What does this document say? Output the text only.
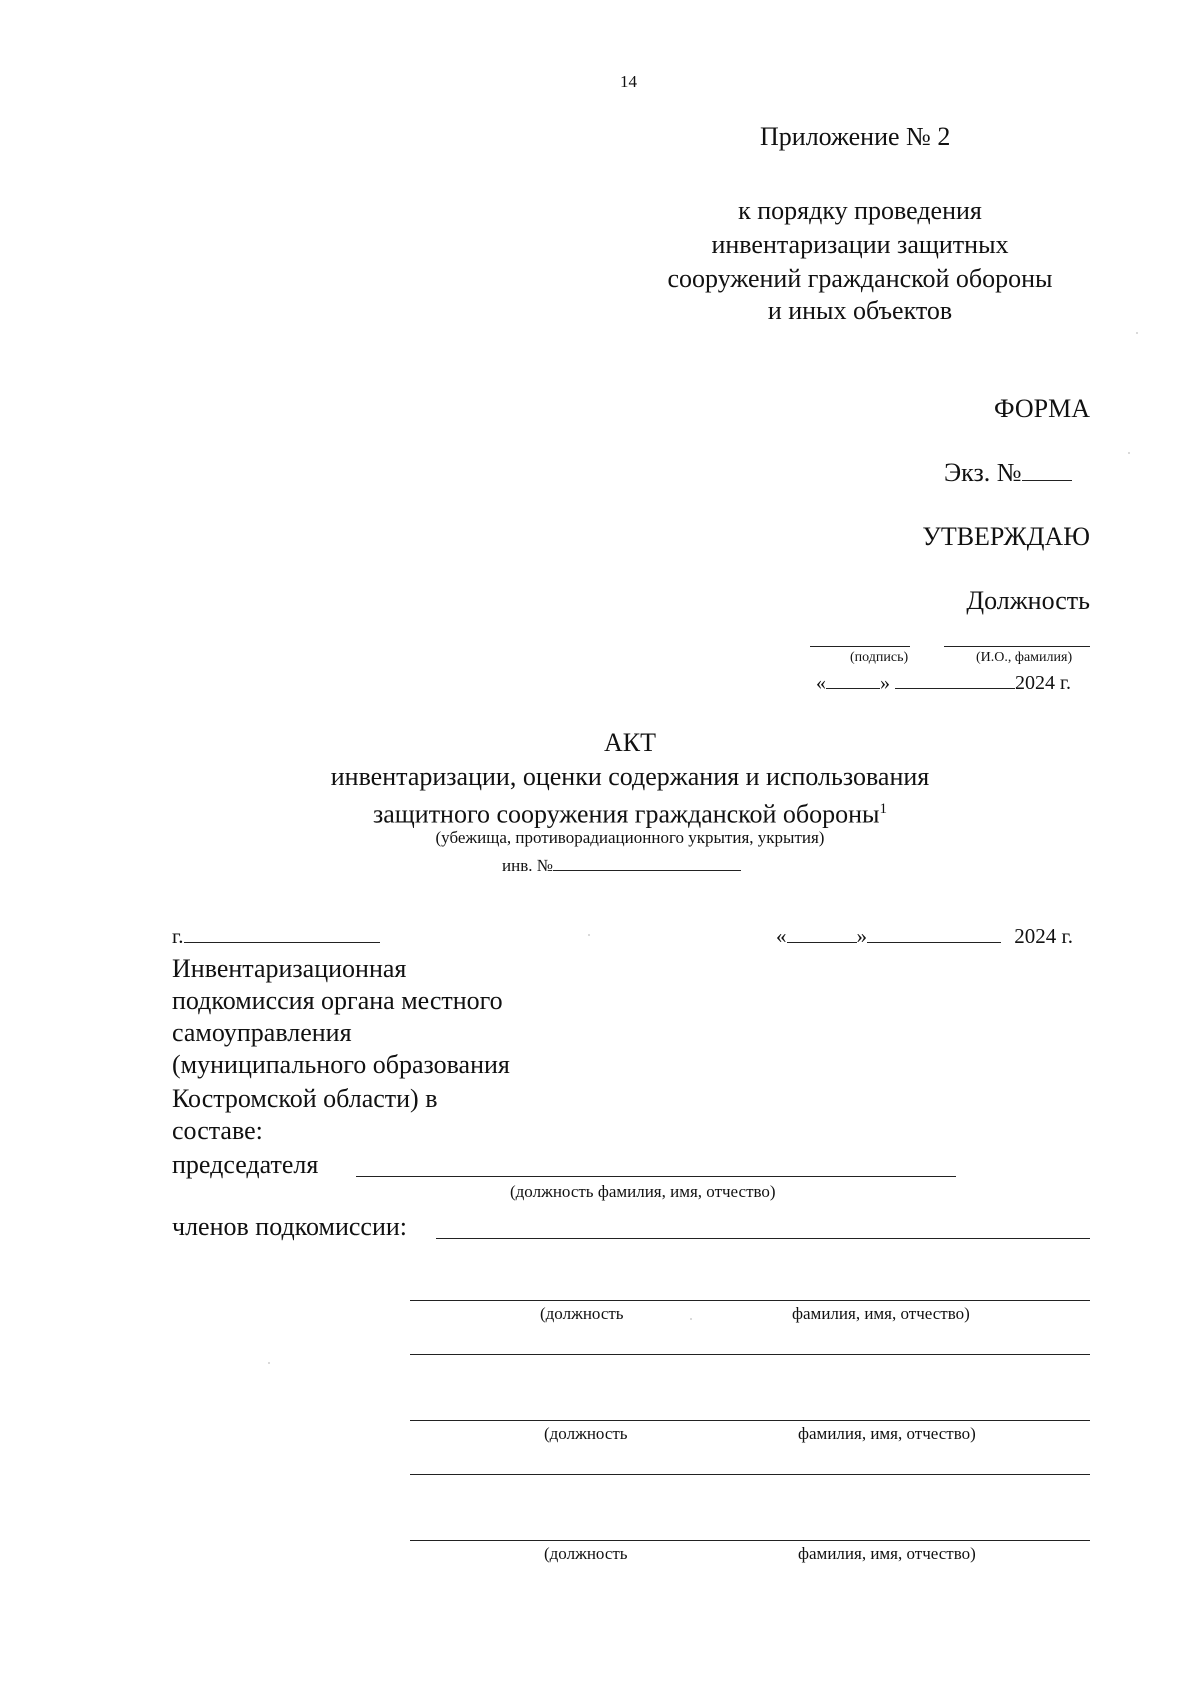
14
Приложение № 2
к порядку проведения
инвентаризации защитных
сооружений гражданской обороны
и иных объектов
ФОРМА
Экз. №
УТВЕРЖДАЮ
Должность
(подпись)	(И.О., фамилия)
«	»	2024 г.
АКТ
инвентаризации, оценки содержания и использования
защитного сооружения гражданской обороны$^1$
(убежища, противорадиационного укрытия, укрытия)
инв. №
г.	«	»	2024 г.
Инвентаризационная
подкомиссия органа местного
самоуправления
(муниципального образования
Костромской области) в
составе:
председателя
(должность фамилия, имя, отчество)
членов подкомиссии:
(должность	фамилия, имя, отчество)
(должность	фамилия, имя, отчество)
(должность	фамилия, имя, отчество)
